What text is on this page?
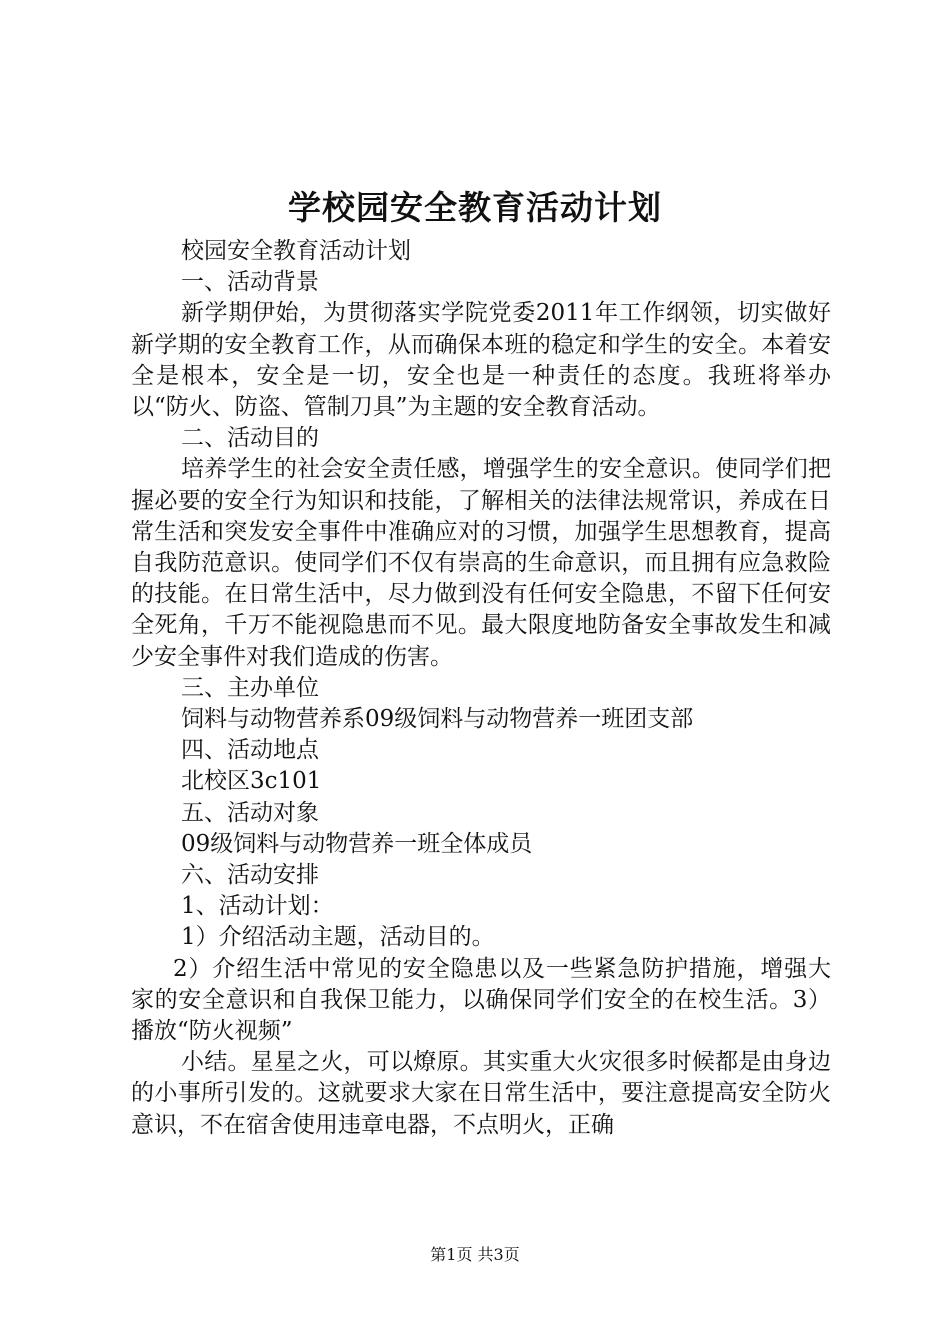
学校园安全教育活动计划

校园安全教育活动计划

一、活动背景

新学期伊始，为贯彻落实学院党委2011年工作纲领，切实做好新学期的安全教育工作，从而确保本班的稳定和学生的安全。本着安全是根本，安全是一切，安全也是一种责任的态度。我班将举办以“防火、防盗、管制刀具”为主题的安全教育活动。

二、活动目的

培养学生的社会安全责任感，增强学生的安全意识。使同学们把握必要的安全行为知识和技能，了解相关的法律法规常识，养成在日常生活和突发安全事件中准确应对的习惯，加强学生思想教育，提高自我防范意识。使同学们不仅有崇高的生命意识，而且拥有应急救险的技能。在日常生活中，尽力做到没有任何安全隐患，不留下任何安全死角，千万不能视隐患而不见。最大限度地防备安全事故发生和减少安全事件对我们造成的伤害。

三、主办单位

饲料与动物营养系09级饲料与动物营养一班团支部

四、活动地点

北校区3c101

五、活动对象

09级饲料与动物营养一班全体成员

六、活动安排

1、活动计划：

1）介绍活动主题，活动目的。

2）介绍生活中常见的安全隐患以及一些紧急防护措施，增强大家的安全意识和自我保卫能力，以确保同学们安全的在校生活。3）播放“防火视频”

小结。星星之火，可以燎原。其实重大火灾很多时候都是由身边的小事所引发的。这就要求大家在日常生活中，要注意提高安全防火意识，不在宿舍使用违章电器，不点明火，正确

第1页 共3页
